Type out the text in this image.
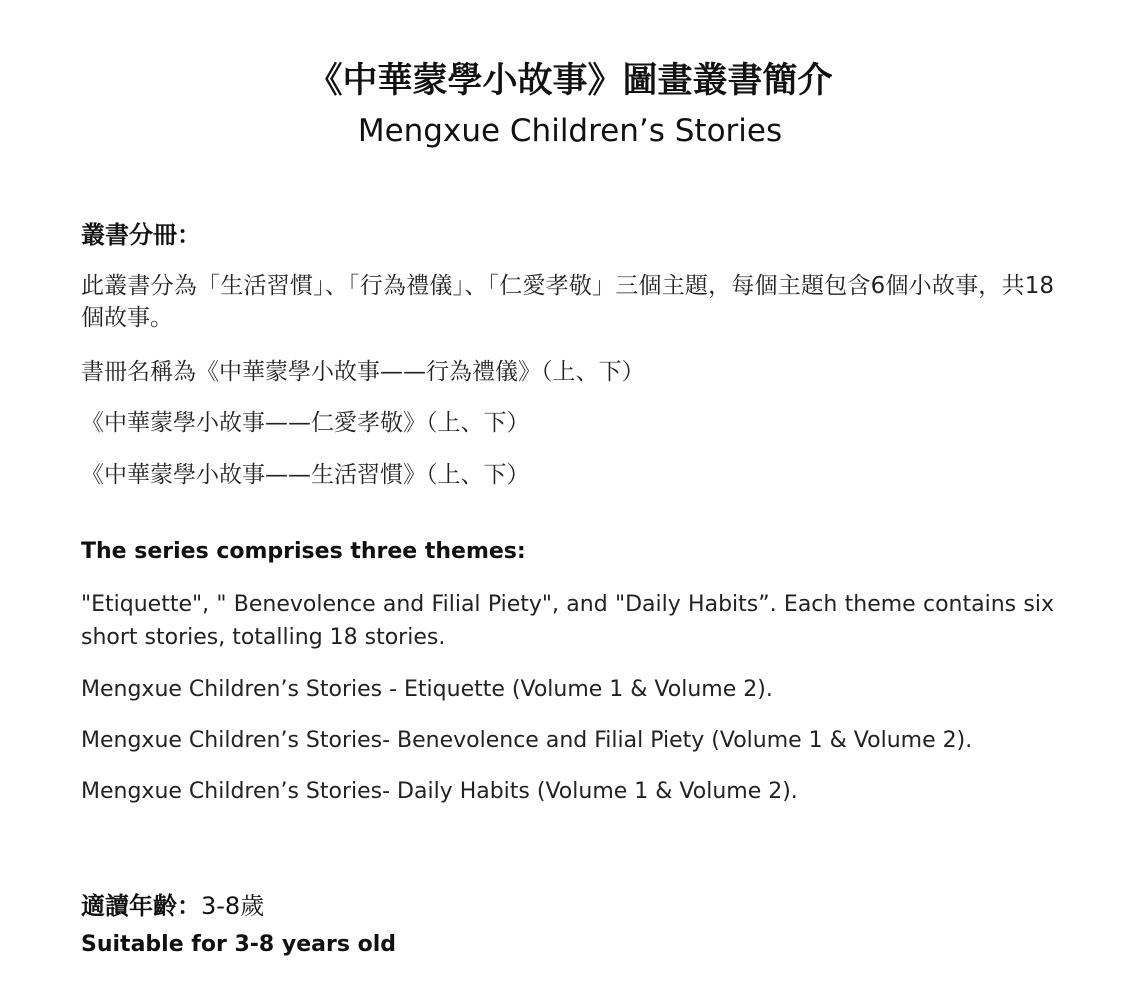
《中華蒙學小故事》圖畫叢書簡介
Mengxue Children’s Stories
叢書分冊：
此叢書分為「生活習慣」、「行為禮儀」、「仁愛孝敬」三個主題，每個主題包含6個小故事，共18個故事。
書冊名稱為《中華蒙學小故事——行為禮儀》（上、下）
《中華蒙學小故事——仁愛孝敬》（上、下）
《中華蒙學小故事——生活習慣》（上、下）
The series comprises three themes:
"Etiquette", " Benevolence and Filial Piety", and "Daily Habits”. Each theme contains six short stories, totalling 18 stories.
Mengxue Children’s Stories - Etiquette (Volume 1 & Volume 2).
Mengxue Children’s Stories- Benevolence and Filial Piety (Volume 1 & Volume 2).
Mengxue Children’s Stories- Daily Habits (Volume 1 & Volume 2).
適讀年齡：3-8歲
Suitable for 3-8 years old
